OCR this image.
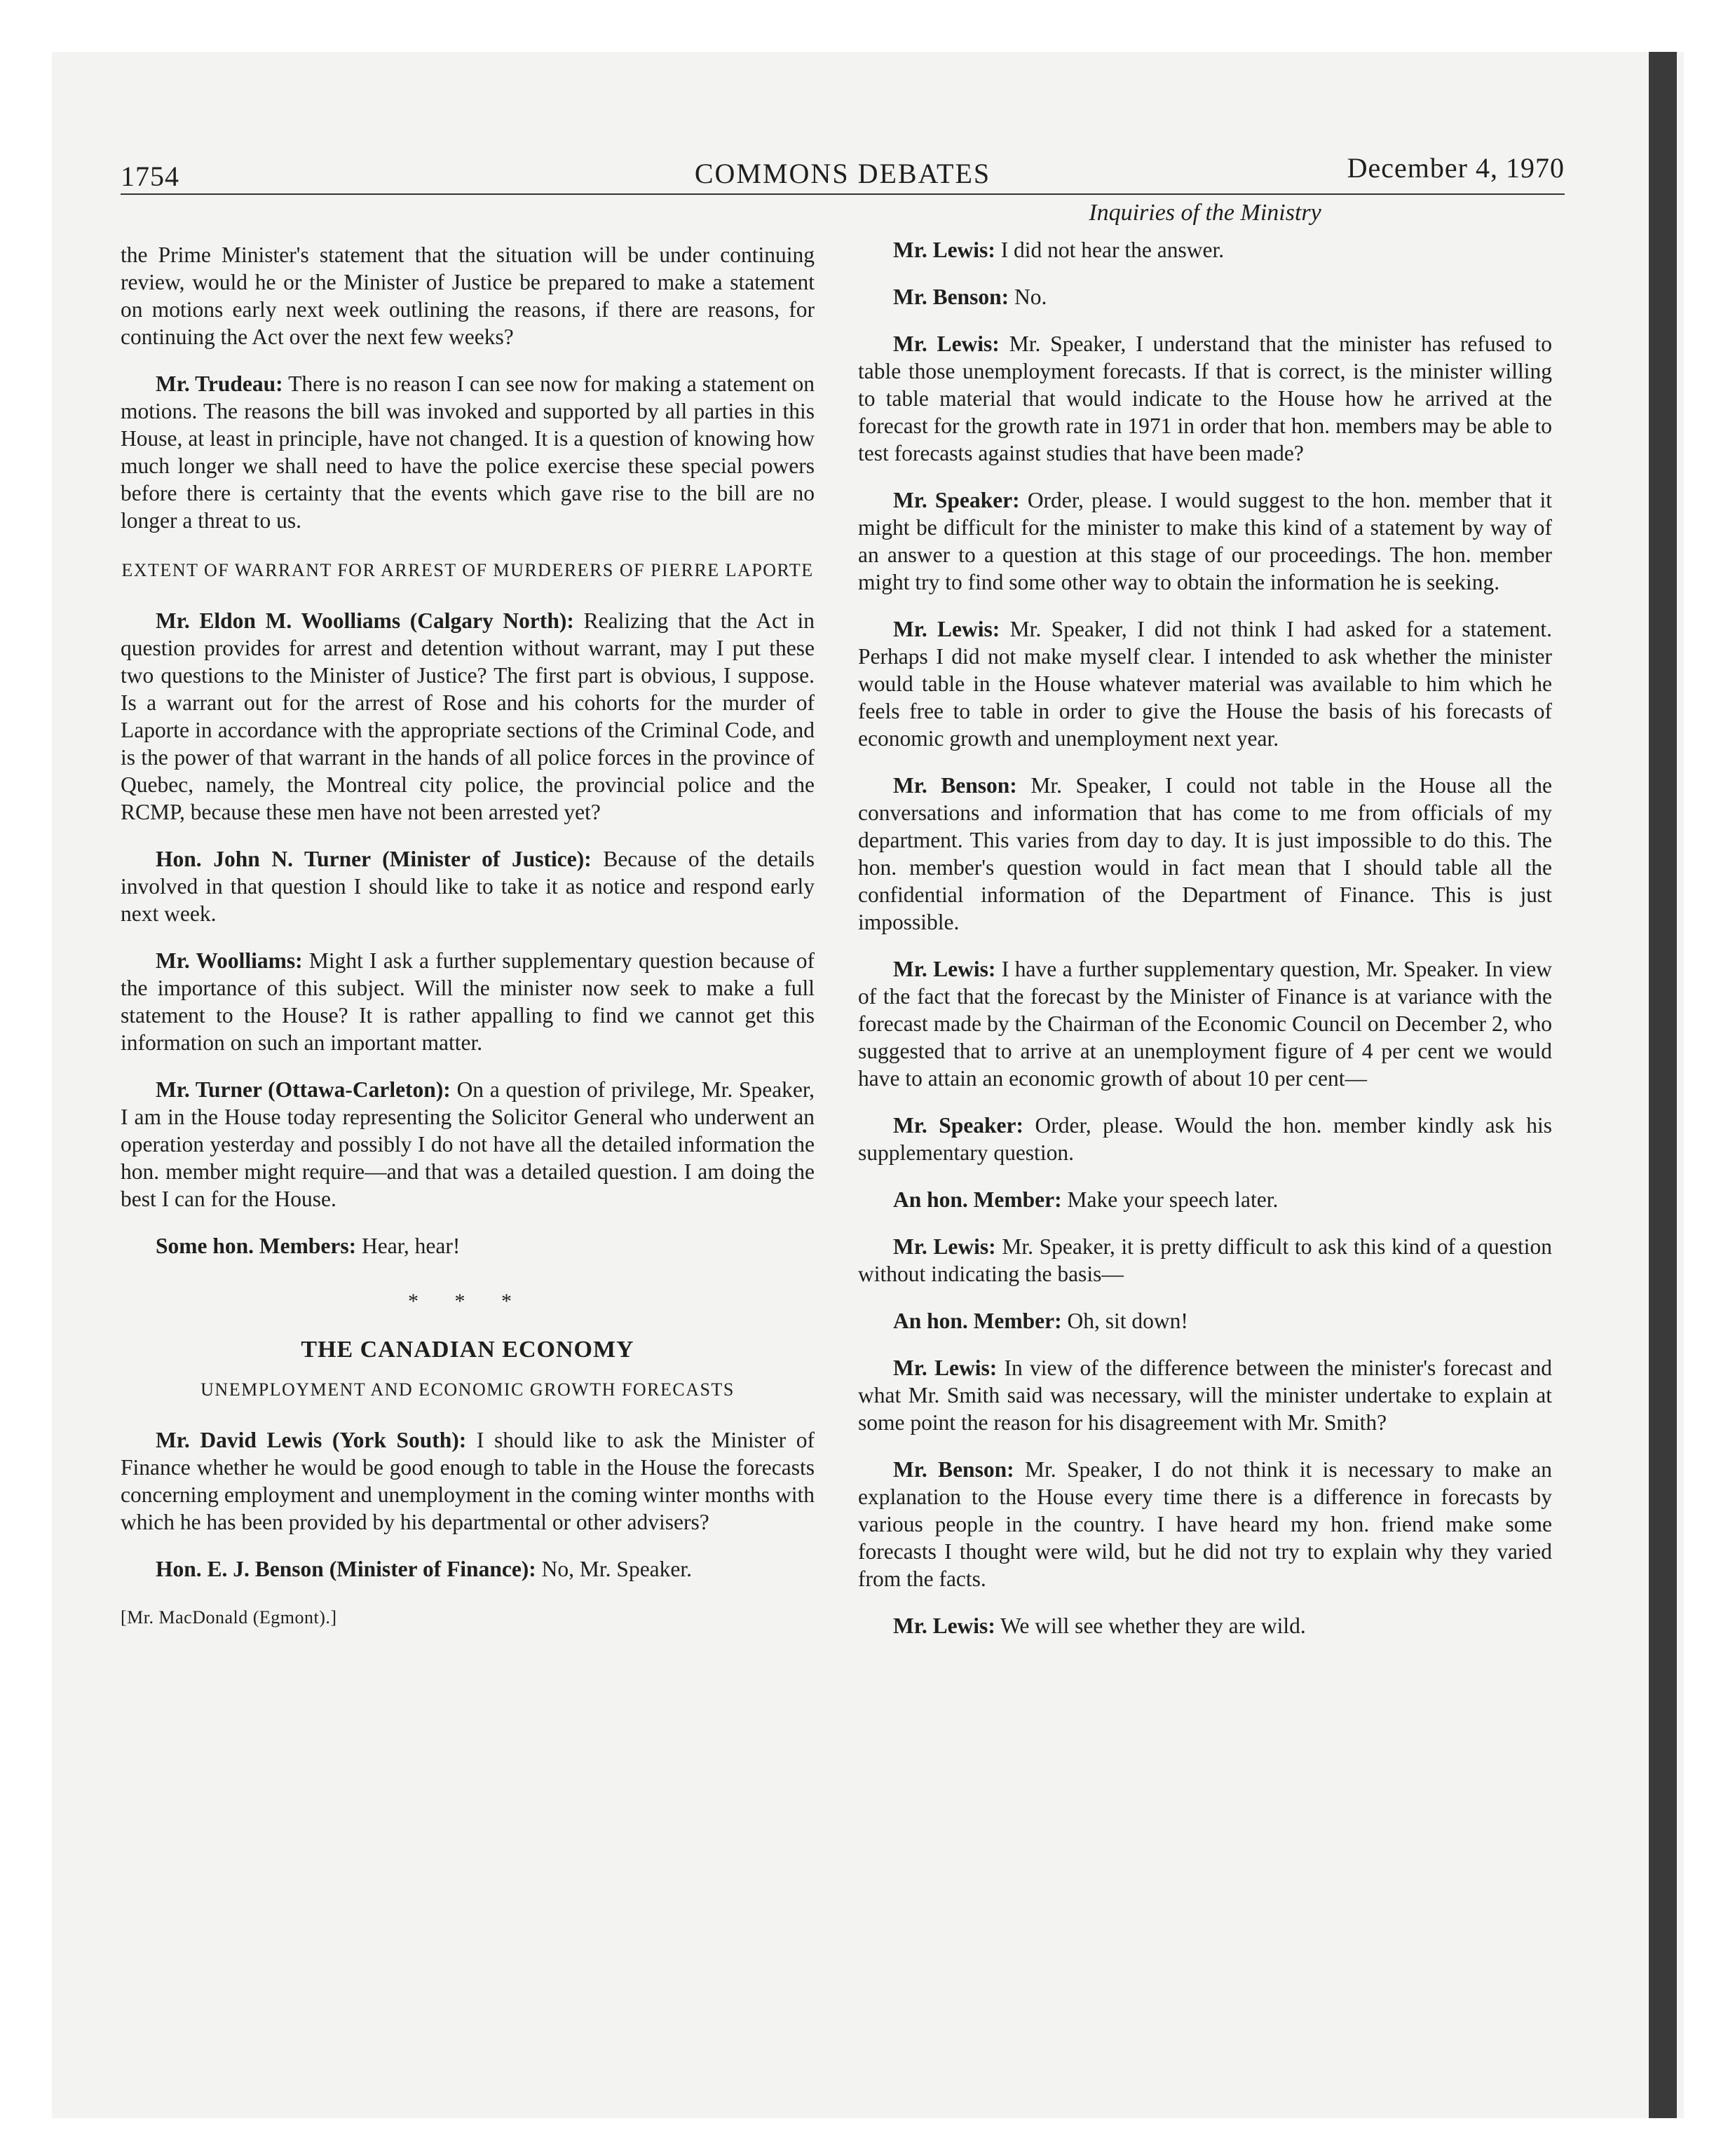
1754	COMMONS DEBATES	December 4, 1970

the Prime Minister's statement that the situation will be under continuing review, would he or the Minister of Justice be prepared to make a statement on motions early next week outlining the reasons, if there are reasons, for continuing the Act over the next few weeks?

Mr. Trudeau: There is no reason I can see now for making a statement on motions. The reasons the bill was invoked and supported by all parties in this House, at least in principle, have not changed. It is a question of knowing how much longer we shall need to have the police exercise these special powers before there is certainty that the events which gave rise to the bill are no longer a threat to us.

EXTENT OF WARRANT FOR ARREST OF MURDERERS OF PIERRE LAPORTE

Mr. Eldon M. Woolliams (Calgary North): Realizing that the Act in question provides for arrest and detention without warrant, may I put these two questions to the Minister of Justice? The first part is obvious, I suppose. Is a warrant out for the arrest of Rose and his cohorts for the murder of Laporte in accordance with the appropriate sections of the Criminal Code, and is the power of that warrant in the hands of all police forces in the province of Quebec, namely, the Montreal city police, the provincial police and the RCMP, because these men have not been arrested yet?

Hon. John N. Turner (Minister of Justice): Because of the details involved in that question I should like to take it as notice and respond early next week.

Mr. Woolliams: Might I ask a further supplementary question because of the importance of this subject. Will the minister now seek to make a full statement to the House? It is rather appalling to find we cannot get this information on such an important matter.

Mr. Turner (Ottawa-Carleton): On a question of privilege, Mr. Speaker, I am in the House today representing the Solicitor General who underwent an operation yesterday and possibly I do not have all the detailed information the hon. member might require—and that was a detailed question. I am doing the best I can for the House.

Some hon. Members: Hear, hear!

* * *
THE CANADIAN ECONOMY
UNEMPLOYMENT AND ECONOMIC GROWTH FORECASTS

Mr. David Lewis (York South): I should like to ask the Minister of Finance whether he would be good enough to table in the House the forecasts concerning employment and unemployment in the coming winter months with which he has been provided by his departmental or other advisers?

Hon. E. J. Benson (Minister of Finance): No, Mr. Speaker.

[Mr. MacDonald (Egmont).]
Inquiries of the Ministry

Mr. Lewis: I did not hear the answer.

Mr. Benson: No.

Mr. Lewis: Mr. Speaker, I understand that the minister has refused to table those unemployment forecasts. If that is correct, is the minister willing to table material that would indicate to the House how he arrived at the forecast for the growth rate in 1971 in order that hon. members may be able to test forecasts against studies that have been made?

Mr. Speaker: Order, please. I would suggest to the hon. member that it might be difficult for the minister to make this kind of a statement by way of an answer to a question at this stage of our proceedings. The hon. member might try to find some other way to obtain the information he is seeking.

Mr. Lewis: Mr. Speaker, I did not think I had asked for a statement. Perhaps I did not make myself clear. I intended to ask whether the minister would table in the House whatever material was available to him which he feels free to table in order to give the House the basis of his forecasts of economic growth and unemployment next year.

Mr. Benson: Mr. Speaker, I could not table in the House all the conversations and information that has come to me from officials of my department. This varies from day to day. It is just impossible to do this. The hon. member's question would in fact mean that I should table all the confidential information of the Department of Finance. This is just impossible.

Mr. Lewis: I have a further supplementary question, Mr. Speaker. In view of the fact that the forecast by the Minister of Finance is at variance with the forecast made by the Chairman of the Economic Council on December 2, who suggested that to arrive at an unemployment figure of 4 per cent we would have to attain an economic growth of about 10 per cent—

Mr. Speaker: Order, please. Would the hon. member kindly ask his supplementary question.

An hon. Member: Make your speech later.

Mr. Lewis: Mr. Speaker, it is pretty difficult to ask this kind of a question without indicating the basis—

An hon. Member: Oh, sit down!

Mr. Lewis: In view of the difference between the minister's forecast and what Mr. Smith said was necessary, will the minister undertake to explain at some point the reason for his disagreement with Mr. Smith?

Mr. Benson: Mr. Speaker, I do not think it is necessary to make an explanation to the House every time there is a difference in forecasts by various people in the country. I have heard my hon. friend make some forecasts I thought were wild, but he did not try to explain why they varied from the facts.

Mr. Lewis: We will see whether they are wild.
